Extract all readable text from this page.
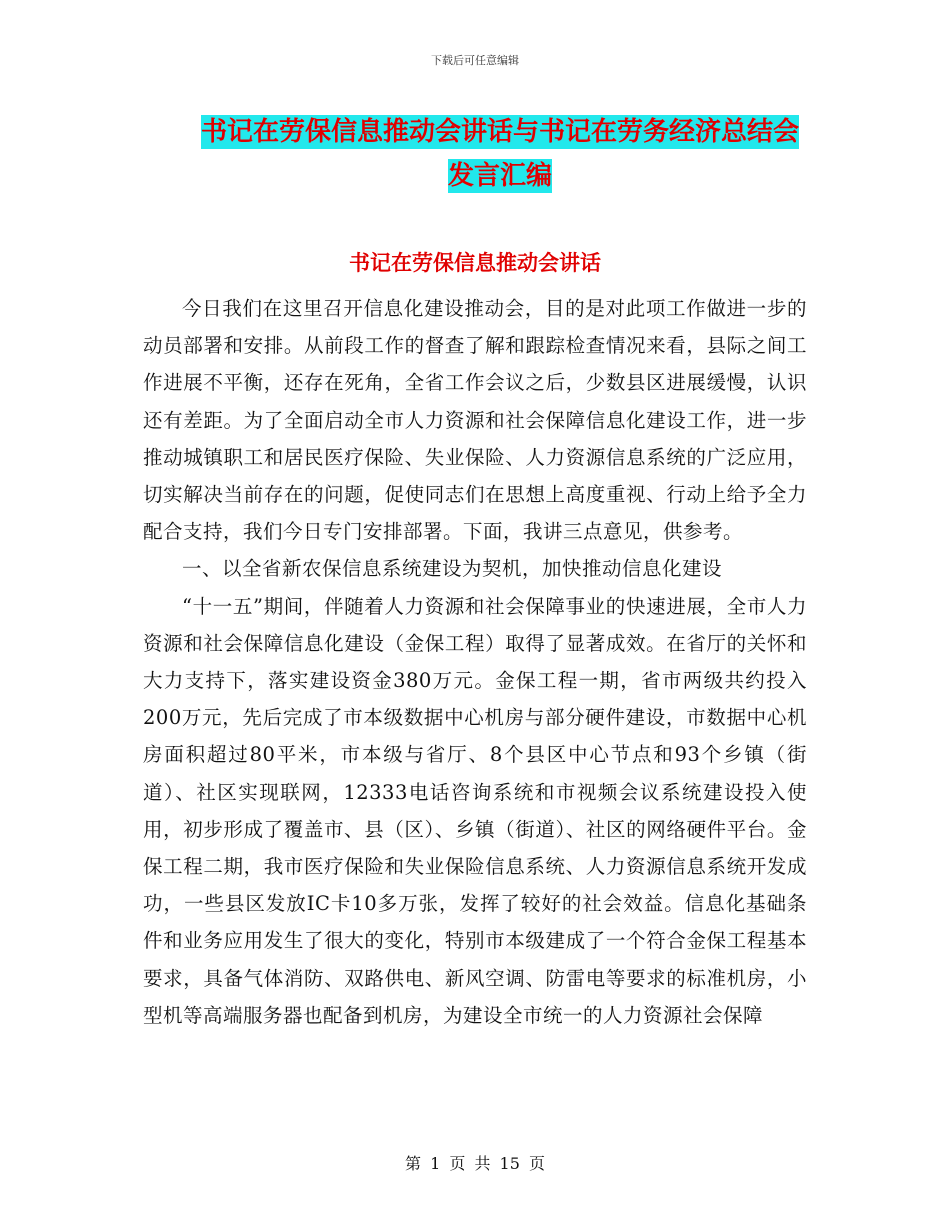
下载后可任意编辑
书记在劳保信息推动会讲话与书记在劳务经济总结会
发言汇编
书记在劳保信息推动会讲话

今日我们在这里召开信息化建设推动会，目的是对此项工作做进一步的动员部署和安排。从前段工作的督查了解和跟踪检查情况来看，县际之间工作进展不平衡，还存在死角，全省工作会议之后，少数县区进展缓慢，认识还有差距。为了全面启动全市人力资源和社会保障信息化建设工作，进一步推动城镇职工和居民医疗保险、失业保险、人力资源信息系统的广泛应用，切实解决当前存在的问题，促使同志们在思想上高度重视、行动上给予全力配合支持，我们今日专门安排部署。下面，我讲三点意见，供参考。

一、以全省新农保信息系统建设为契机，加快推动信息化建设

“十一五”期间，伴随着人力资源和社会保障事业的快速进展，全市人力资源和社会保障信息化建设（金保工程）取得了显著成效。在省厅的关怀和大力支持下，落实建设资金380万元。金保工程一期，省市两级共约投入200万元，先后完成了市本级数据中心机房与部分硬件建设，市数据中心机房面积超过80平米，市本级与省厅、8个县区中心节点和93个乡镇（街道）、社区实现联网，12333电话咨询系统和市视频会议系统建设投入使用，初步形成了覆盖市、县（区）、乡镇（街道）、社区的网络硬件平台。金保工程二期，我市医疗保险和失业保险信息系统、人力资源信息系统开发成功，一些县区发放IC卡10多万张，发挥了较好的社会效益。信息化基础条件和业务应用发生了很大的变化，特别市本级建成了一个符合金保工程基本要求，具备气体消防、双路供电、新风空调、防雷电等要求的标准机房，小型机等高端服务器也配备到机房，为建设全市统一的人力资源社会保障

第 1 页 共 15 页
